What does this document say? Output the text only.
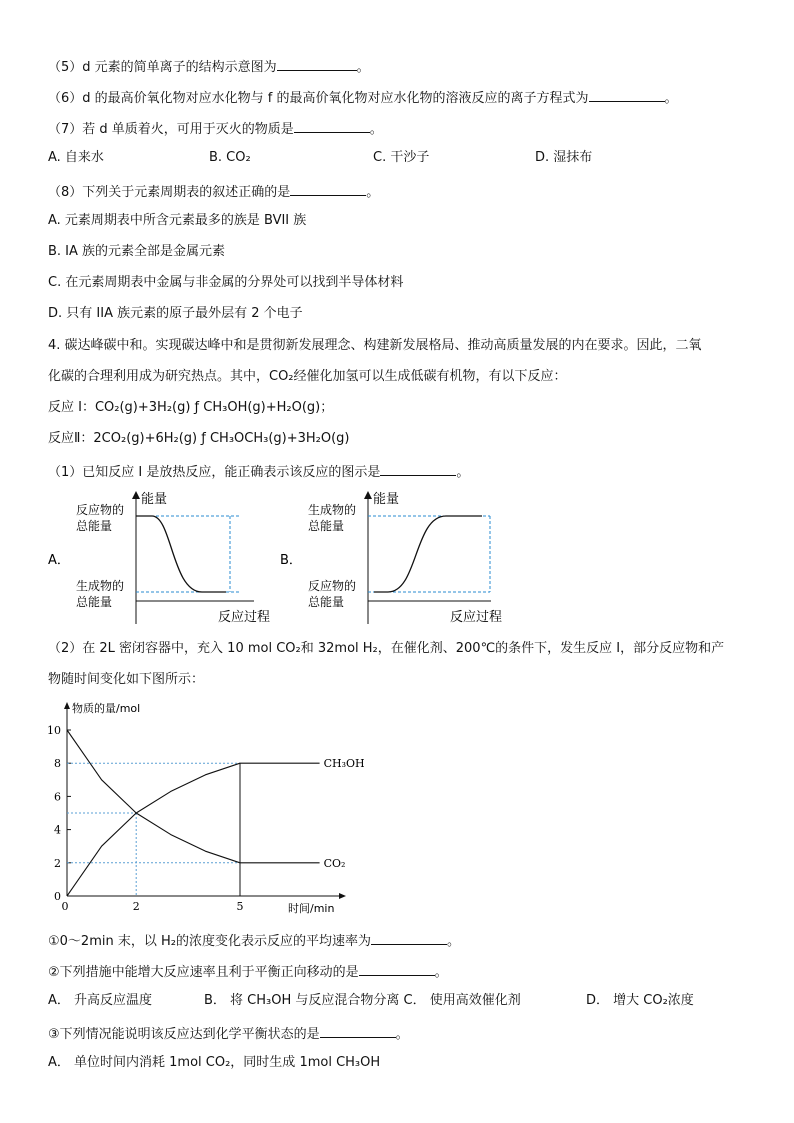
（5）d 元素的简单离子的结构示意图为	。
（6）d 的最高价氧化物对应水化物与 f 的最高价氧化物对应水化物的溶液反应的离子方程式为	。
（7）若 d 单质着火，可用于灭火的物质是	。
A. 自来水	B. CO₂	C. 干沙子	D. 湿抹布
（8）下列关于元素周期表的叙述正确的是	。
A. 元素周期表中所含元素最多的族是 BVII 族
B. IA 族的元素全部是金属元素
C. 在元素周期表中金属与非金属的分界处可以找到半导体材料
D. 只有 IIA 族元素的原子最外层有 2 个电子
4. 碳达峰碳中和。实现碳达峰中和是贯彻新发展理念、构建新发展格局、推动高质量发展的内在要求。因此，二氧
化碳的合理利用成为研究热点。其中，CO₂经催化加氢可以生成低碳有机物，有以下反应：
反应 I：CO₂(g)+3H₂(g) ƒ CH₃OH(g)+H₂O(g)；
反应Ⅱ：2CO₂(g)+6H₂(g) ƒ CH₃OCH₃(g)+3H₂O(g)
（1）已知反应 I 是放热反应，能正确表示该反应的图示是	。
A．
能量
反应物的
总能量
生成物的
总能量
反应过程
B．
能量
生成物的
总能量
反应物的
总能量
反应过程
（2）在 2L 密闭容器中，充入 10 mol CO₂和 32mol H₂，在催化剂、200℃的条件下，发生反应 I，部分反应物和产
物随时间变化如下图所示：
物质的量/mol
时间/min
0
2
4
6
8
10
0	2	5
CH₃OH
CO₂
①0～2min 末，以 H₂的浓度变化表示反应的平均速率为	。
②下列措施中能增大反应速率且利于平衡正向移动的是	。
A． 升高反应温度	B． 将 CH₃OH 与反应混合物分离 C． 使用高效催化剂	D． 增大 CO₂浓度
③下列情况能说明该反应达到化学平衡状态的是	。
A． 单位时间内消耗 1mol CO₂，同时生成 1mol CH₃OH
